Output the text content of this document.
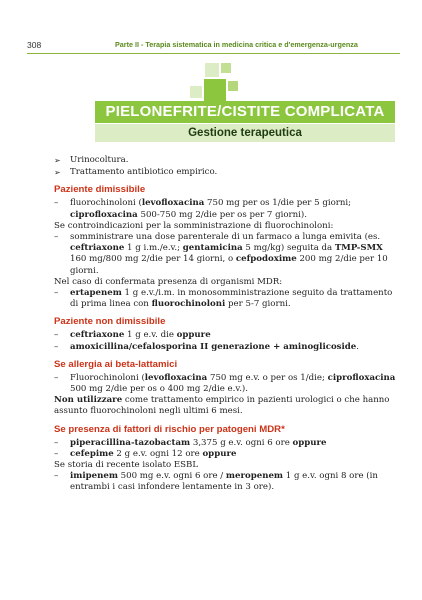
308	Parte II - Terapia sistematica in medicina critica e d'emergenza-urgenza
PIELONEFRITE/CISTITE COMPLICATA
Gestione terapeutica
➢ Urinocoltura.
➢ Trattamento antibiotico empirico.
Paziente dimissibile
– fluorochinoloni (levofloxacina 750 mg per os 1/die per 5 giorni; ciprofloxacina 500-750 mg 2/die per os per 7 giorni).

Se controindicazioni per la somministrazione di fluorochinoloni:

– somministrare una dose parenterale di un farmaco a lunga emivita (es. ceftriaxone 1 g i.m./e.v.; gentamicina 5 mg/kg) seguita da TMP-SMX 160 mg/800 mg 2/die per 14 giorni, o cefpodoxime 200 mg 2/die per 10 giorni.

Nel caso di confermata presenza di organismi MDR:

– ertapenem 1 g e.v./i.m. in monosomministrazione seguito da trattamento di prima linea con fluorochinoloni per 5-7 giorni.
Paziente non dimissibile
– ceftriaxone 1 g e.v. die oppure
– amoxicillina/cefalosporina II generazione + aminoglicoside.
Se allergia ai beta-lattamici
– Fluorochinoloni (levofloxacina 750 mg e.v. o per os 1/die; ciprofloxacina 500 mg 2/die per os o 400 mg 2/die e.v.).

Non utilizzare come trattamento empirico in pazienti urologici o che hanno assunto fluorochinoloni negli ultimi 6 mesi.

Se presenza di fattori di rischio per patogeni MDR*
– piperacillina-tazobactam 3,375 g e.v. ogni 6 ore oppure
– cefepime 2 g e.v. ogni 12 ore oppure

Se storia di recente isolato ESBL

– imipenem 500 mg e.v. ogni 6 ore / meropenem 1 g e.v. ogni 8 ore (in entrambi i casi infondere lentamente in 3 ore).
